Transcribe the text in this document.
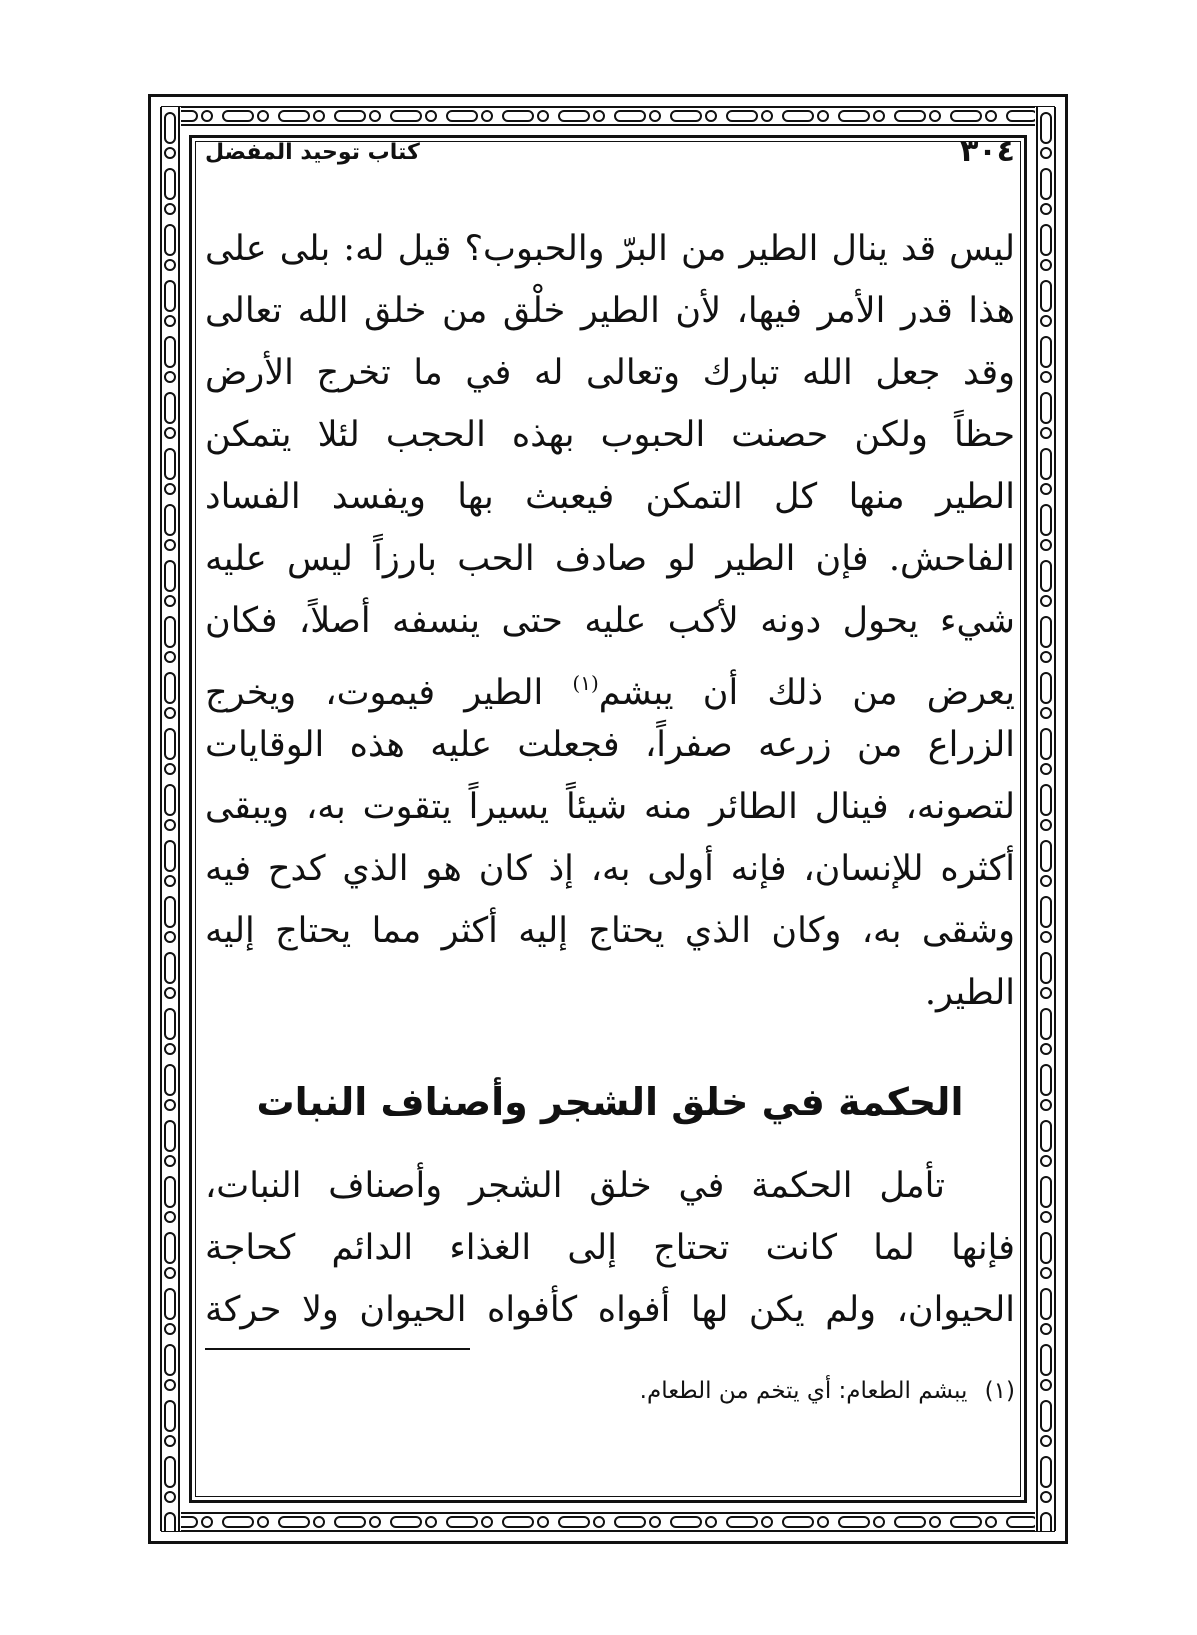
٣٠٤
كتاب توحيد المفضل
ليس قد ينال الطير من البرّ والحبوب؟ قيل له: بلى على
هذا قدر الأمر فيها، لأن الطير خلْق من خلق الله تعالى
وقد جعل الله تبارك وتعالى له في ما تخرج الأرض
حظاً ولكن حصنت الحبوب بهذه الحجب لئلا يتمكن
الطير منها كل التمكن فيعبث بها ويفسد الفساد
الفاحش. فإن الطير لو صادف الحب بارزاً ليس عليه
شيء يحول دونه لأكب عليه حتى ينسفه أصلاً، فكان
يعرض من ذلك أن يبشم$^{(١)}$ الطير فيموت، ويخرج
الزراع من زرعه صفراً، فجعلت عليه هذه الوقايات
لتصونه، فينال الطائر منه شيئاً يسيراً يتقوت به، ويبقى
أكثره للإنسان، فإنه أولى به، إذ كان هو الذي كدح فيه
وشقى به، وكان الذي يحتاج إليه أكثر مما يحتاج إليه
الطير.
الحكمة في خلق الشجر وأصناف النبات
تأمل الحكمة في خلق الشجر وأصناف النبات،
فإنها لما كانت تحتاج إلى الغذاء الدائم كحاجة
الحيوان، ولم يكن لها أفواه كأفواه الحيوان ولا حركة
(١) يبشم الطعام: أي يتخم من الطعام.
